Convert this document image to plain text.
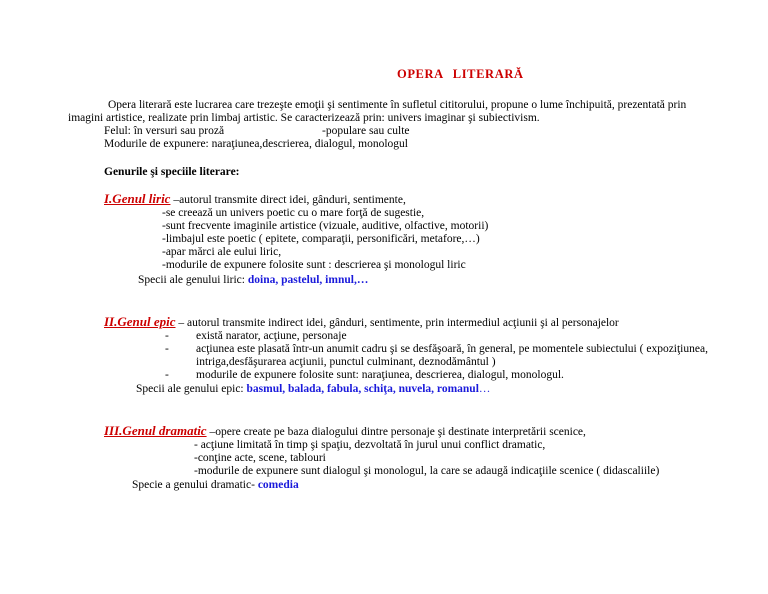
OPERA LITERARĂ
Opera literară este lucrarea care trezeşte emoţii şi sentimente în sufletul cititorului, propune o lume închipuită, prezentată prin
imagini artistice, realizate prin limbaj artistic. Se caracterizează prin: univers imaginar şi subiectivism.
Felul: în versuri sau proză	-populare sau culte
Modurile de expunere: naraţiunea,descrierea, dialogul, monologul
Genurile şi speciile literare:
I.Genul liric –autorul transmite direct idei, gânduri, sentimente,
-se creează un univers poetic cu o mare forţă de sugestie,
-sunt frecvente imaginile artistice (vizuale, auditive, olfactive, motorii)
-limbajul este poetic ( epitete, comparaţii, personificări, metafore,…)
-apar mărci ale eului liric,
-modurile de expunere folosite sunt : descrierea şi monologul liric
Specii ale genului liric: doina, pastelul, imnul,…
II.Genul epic – autorul transmite indirect idei, gânduri, sentimente, prin intermediul acţiunii şi al personajelor
- există narator, acţiune, personaje
- acţiunea este plasată într-un anumit cadru şi se desfăşoară, în general, pe momentele subiectului ( expoziţiunea,
intriga,desfăşurarea acţiunii, punctul culminant, deznodământul )
- modurile de expunere folosite sunt: naraţiunea, descrierea, dialogul, monologul.
Specii ale genului epic: basmul, balada, fabula, schiţa, nuvela, romanul…
III.Genul dramatic –opere create pe baza dialogului dintre personaje şi destinate interpretării scenice,
- acţiune limitată în timp şi spaţiu, dezvoltată în jurul unui conflict dramatic,
-conţine acte, scene, tablouri
-modurile de expunere sunt dialogul şi monologul, la care se adaugă indicaţiile scenice ( didascaliile)
Specie a genului dramatic- comedia
